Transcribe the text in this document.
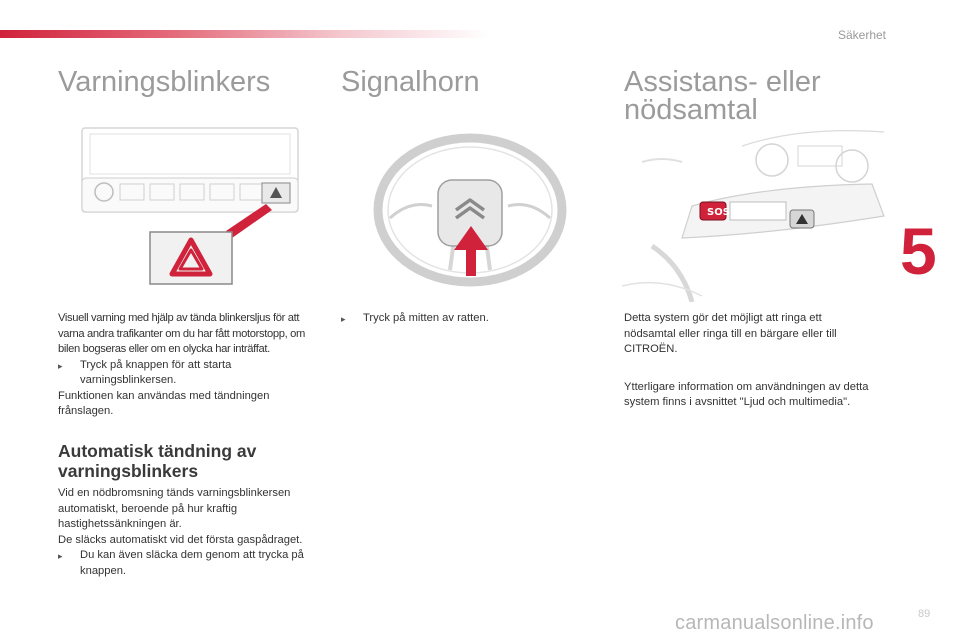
Säkerhet
5
Varningsblinkers

Visuell varning med hjälp av tända blinkersljus för att varna andra trafikanter om du har fått motorstopp, om bilen bogseras eller om en olycka har inträffat.

▸	Tryck på knappen för att starta varningsblinkersen.

Funktionen kan användas med tändningen frånslagen.

Automatisk tändning av varningsblinkers

Vid en nödbromsning tänds varningsblinkersen automatiskt, beroende på hur kraftig hastighetssänkningen är.

De släcks automatiskt vid det första gaspådraget.

▸	Du kan även släcka dem genom att trycka på knappen.
Signalhorn
▸	Tryck på mitten av ratten.
Assistans- eller
nödsamtal
SOS

Detta system gör det möjligt att ringa ett nödsamtal eller ringa till en bärgare eller till CITROËN.

Ytterligare information om användningen av detta system finns i avsnittet "Ljud och multimedia".

carmanualsonline.info	89
